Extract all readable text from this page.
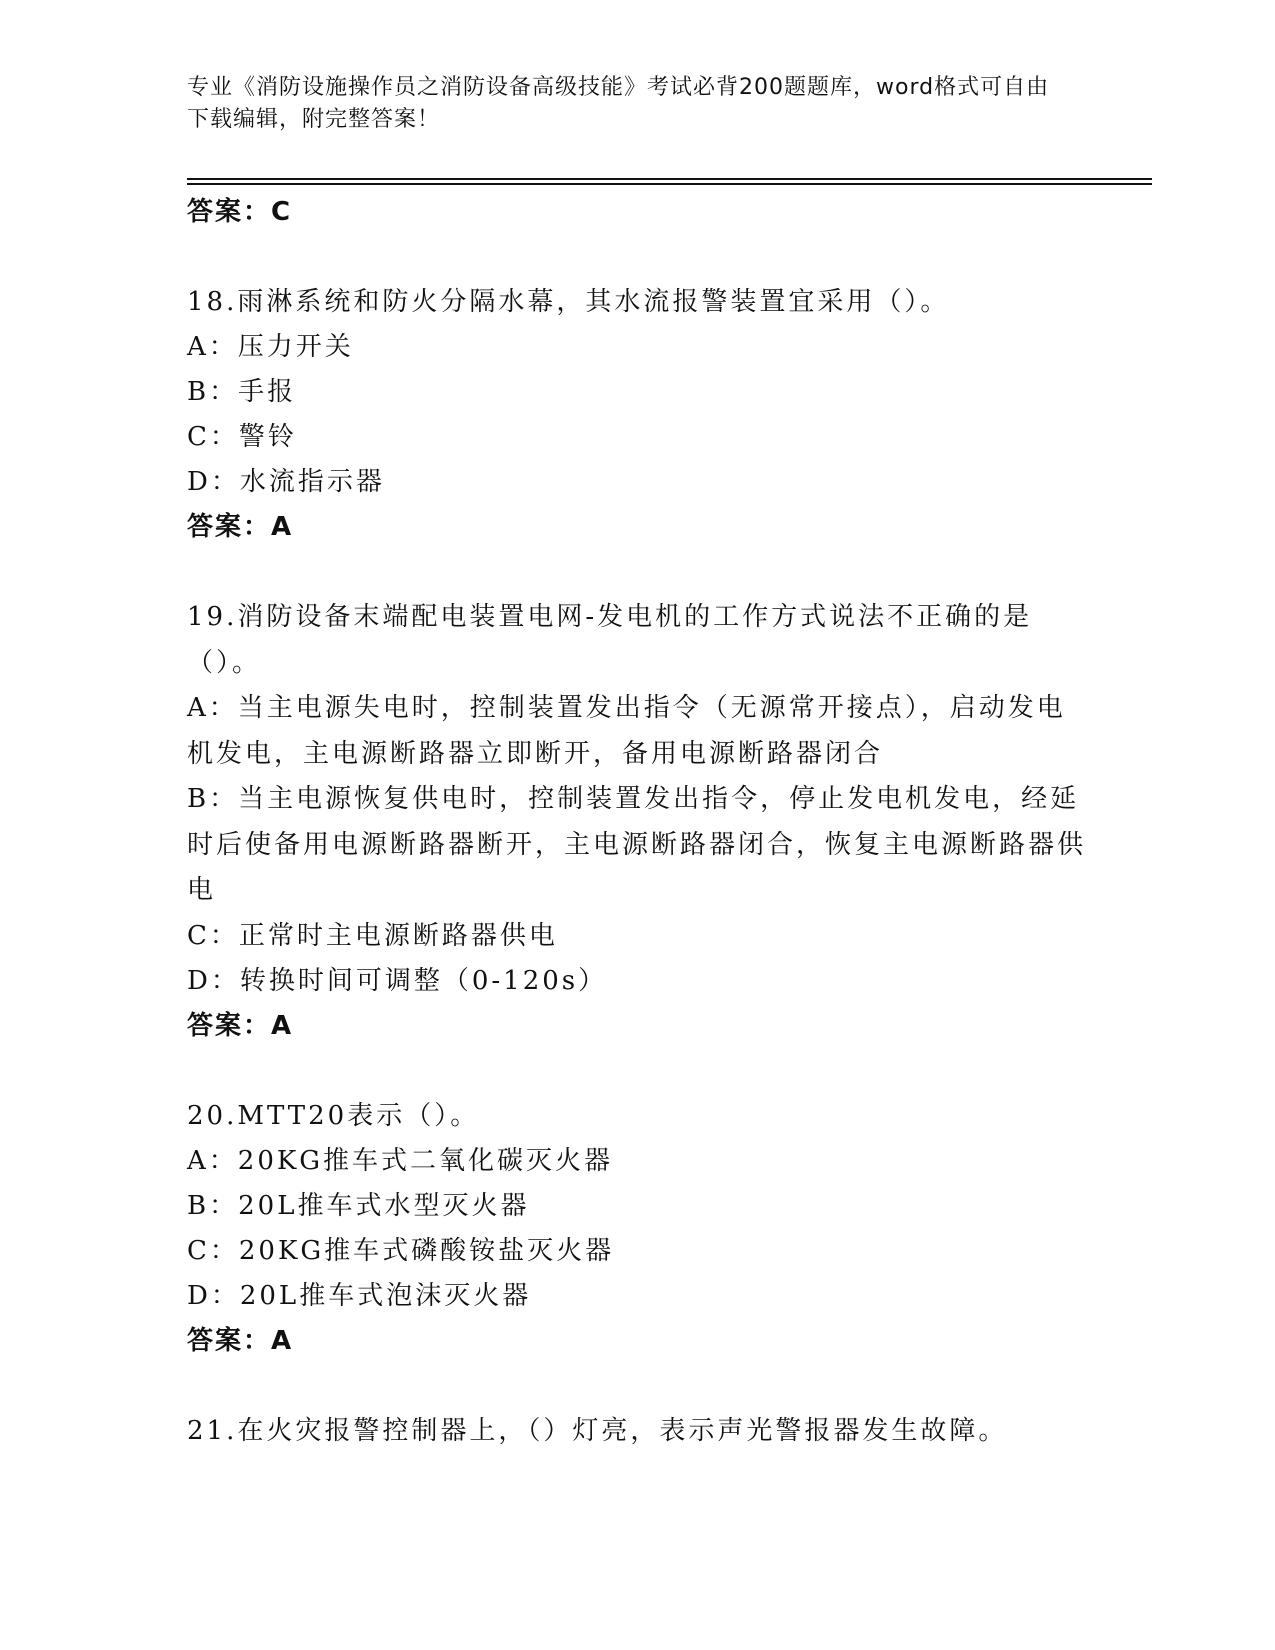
专业《消防设施操作员之消防设备高级技能》考试必背200题题库，word格式可自由下载编辑，附完整答案！
答案：C
18.雨淋系统和防火分隔水幕，其水流报警装置宜采用（）。
A：压力开关
B：手报
C：警铃
D：水流指示器
答案：A
19.消防设备末端配电装置电网-发电机的工作方式说法不正确的是（）。
A：当主电源失电时，控制装置发出指令（无源常开接点），启动发电机发电，主电源断路器立即断开，备用电源断路器闭合
B：当主电源恢复供电时，控制装置发出指令，停止发电机发电，经延时后使备用电源断路器断开，主电源断路器闭合，恢复主电源断路器供电
C：正常时主电源断路器供电
D：转换时间可调整（0-120s）
答案：A
20.MTT20表示（）。
A：20KG推车式二氧化碳灭火器
B：20L推车式水型灭火器
C：20KG推车式磷酸铵盐灭火器
D：20L推车式泡沫灭火器
答案：A
21.在火灾报警控制器上，（）灯亮，表示声光警报器发生故障。
